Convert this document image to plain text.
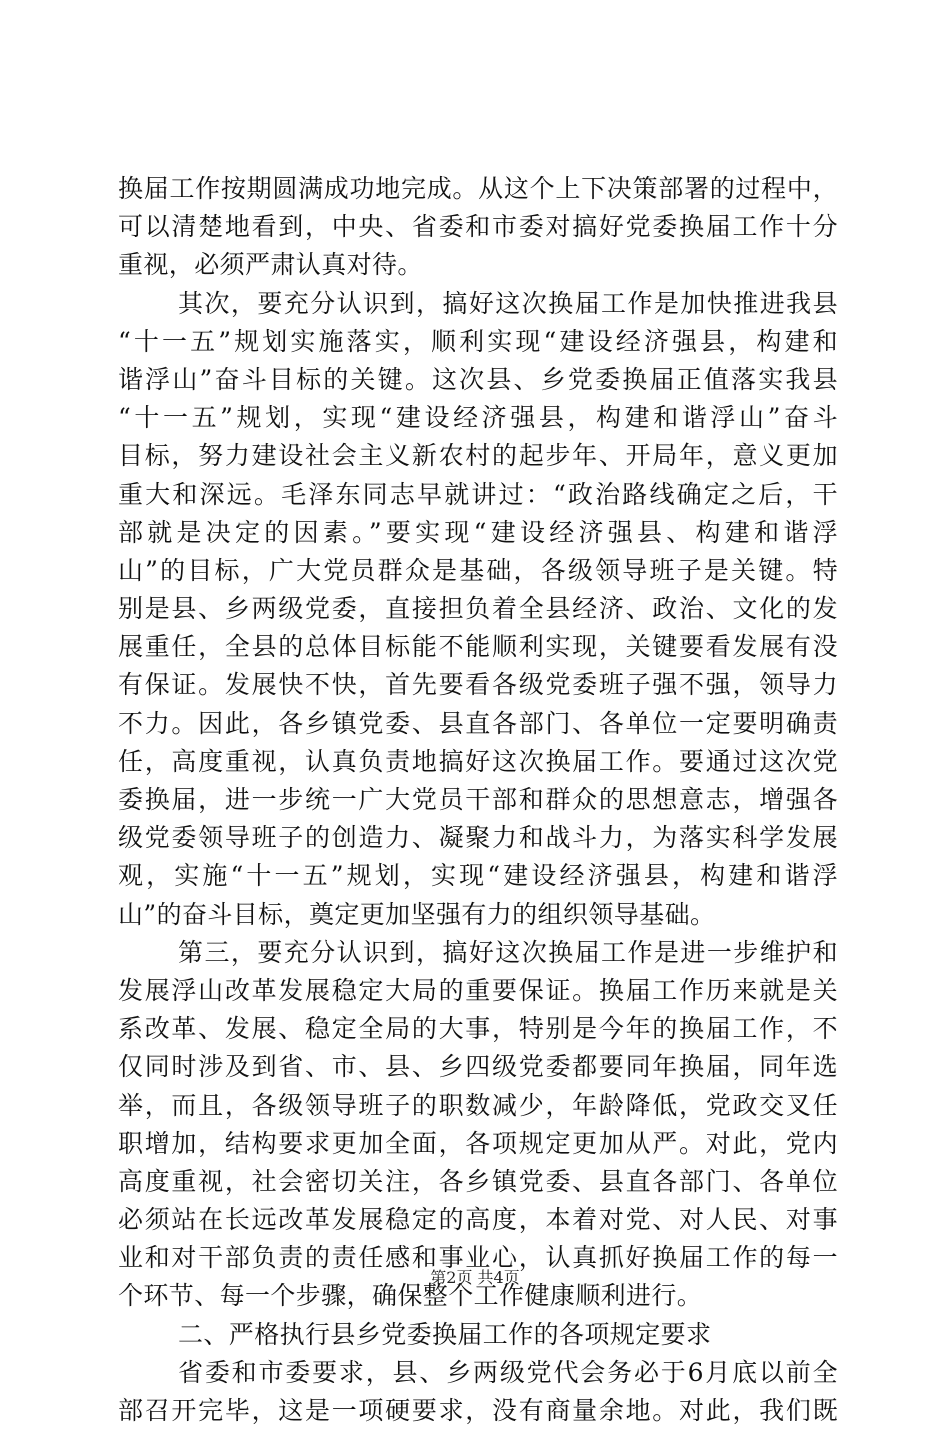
换届工作按期圆满成功地完成。从这个上下决策部署的过程中，
可以清楚地看到，中央、省委和市委对搞好党委换届工作十分
重视，必须严肃认真对待。
其次，要充分认识到，搞好这次换届工作是加快推进我县
“十一五”规划实施落实，顺利实现“建设经济强县，构建和
谐浮山”奋斗目标的关键。这次县、乡党委换届正值落实我县
“十一五”规划，实现“建设经济强县，构建和谐浮山”奋斗
目标，努力建设社会主义新农村的起步年、开局年，意义更加
重大和深远。毛泽东同志早就讲过：“政治路线确定之后，干
部就是决定的因素。”要实现“建设经济强县、构建和谐浮
山”的目标，广大党员群众是基础，各级领导班子是关键。特
别是县、乡两级党委，直接担负着全县经济、政治、文化的发
展重任，全县的总体目标能不能顺利实现，关键要看发展有没
有保证。发展快不快，首先要看各级党委班子强不强，领导力
不力。因此，各乡镇党委、县直各部门、各单位一定要明确责
任，高度重视，认真负责地搞好这次换届工作。要通过这次党
委换届，进一步统一广大党员干部和群众的思想意志，增强各
级党委领导班子的创造力、凝聚力和战斗力，为落实科学发展
观，实施“十一五”规划，实现“建设经济强县，构建和谐浮
山”的奋斗目标，奠定更加坚强有力的组织领导基础。
第三，要充分认识到，搞好这次换届工作是进一步维护和
发展浮山改革发展稳定大局的重要保证。换届工作历来就是关
系改革、发展、稳定全局的大事，特别是今年的换届工作，不
仅同时涉及到省、市、县、乡四级党委都要同年换届，同年选
举，而且，各级领导班子的职数减少，年龄降低，党政交叉任
职增加，结构要求更加全面，各项规定更加从严。对此，党内
高度重视，社会密切关注，各乡镇党委、县直各部门、各单位
必须站在长远改革发展稳定的高度，本着对党、对人民、对事
业和对干部负责的责任感和事业心，认真抓好换届工作的每一
个环节、每一个步骤，确保整个工作健康顺利进行。
二、严格执行县乡党委换届工作的各项规定要求
省委和市委要求，县、乡两级党代会务必于6月底以前全
部召开完毕，这是一项硬要求，没有商量余地。对此，我们既
第2页 共4页
